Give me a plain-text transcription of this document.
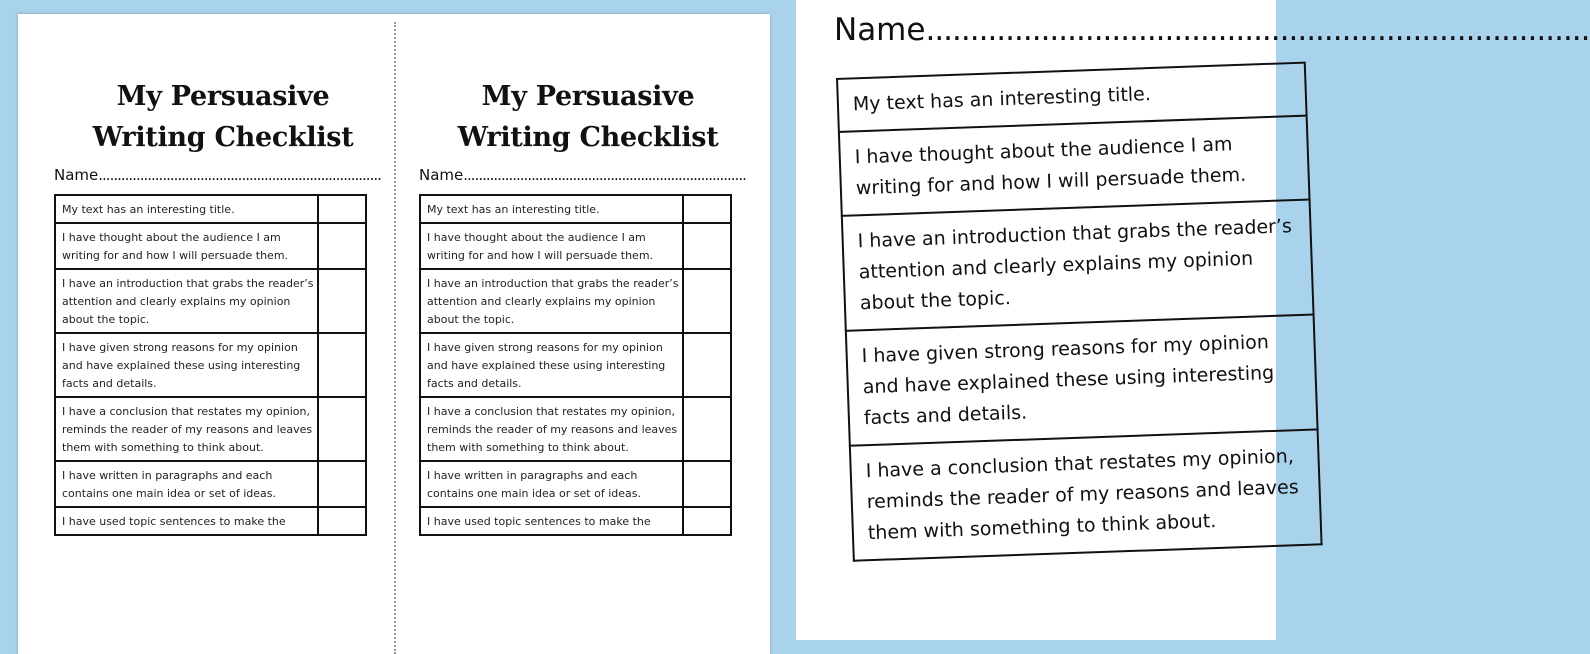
My Persuasive
Writing Checklist
Name...........................................................................
My text has an interesting title.	
I have thought about the audience I am writing for and how I will persuade them.	
I have an introduction that grabs the reader’s attention and clearly explains my opinion about the topic.	
I have given strong reasons for my opinion and have explained these using interesting facts and details.	
I have a conclusion that restates my opinion, reminds the reader of my reasons and leaves them with something to think about.	
I have written in paragraphs and each contains one main idea or set of ideas.	
I have used topic sentences to make the	
My Persuasive
Writing Checklist
Name...........................................................................
My text has an interesting title.	
I have thought about the audience I am writing for and how I will persuade them.	
I have an introduction that grabs the reader’s attention and clearly explains my opinion about the topic.	
I have given strong reasons for my opinion and have explained these using interesting facts and details.	
I have a conclusion that restates my opinion, reminds the reader of my reasons and leaves them with something to think about.	
I have written in paragraphs and each contains one main idea or set of ideas.	
I have used topic sentences to make the	
Name...........................................................................
My text has an interesting title.
I have thought about the audience I am writing for and how I will persuade them.
I have an introduction that grabs the reader’s attention and clearly explains my opinion about the topic.
I have given strong reasons for my opinion and have explained these using interesting facts and details.
I have a conclusion that restates my opinion, reminds the reader of my reasons and leaves them with something to think about.
